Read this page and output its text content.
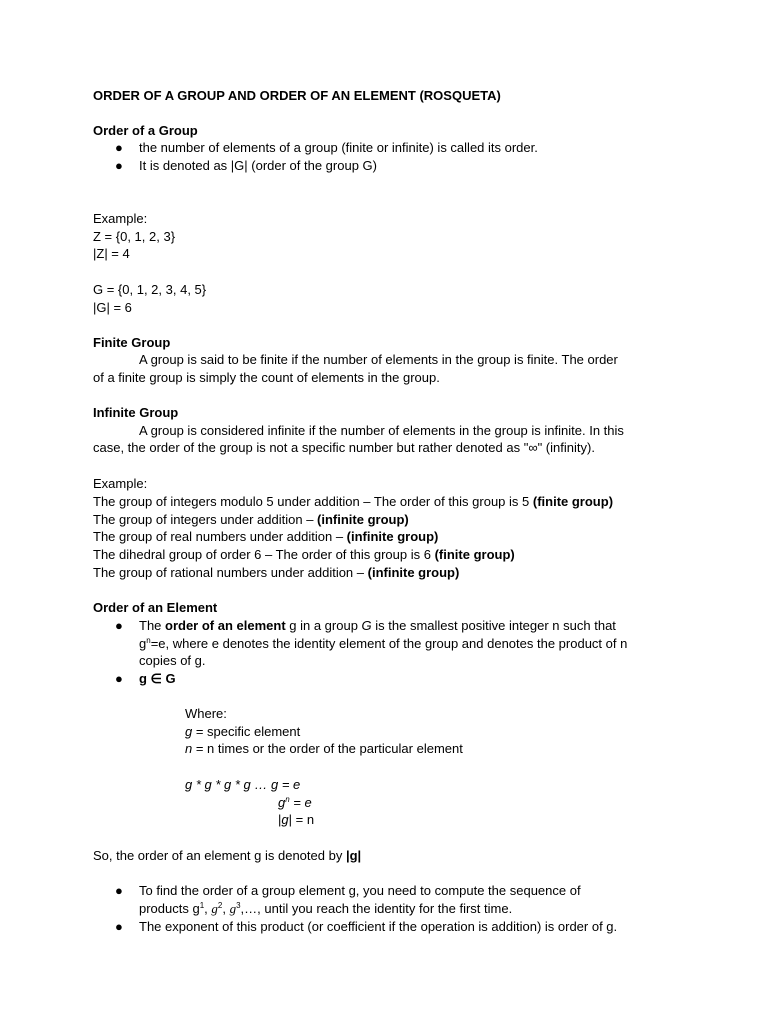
ORDER OF A GROUP AND ORDER OF AN ELEMENT (ROSQUETA)
Order of a Group
● the number of elements of a group (finite or infinite) is called its order.
● It is denoted as |G| (order of the group G)
Example:
Z = {0, 1, 2, 3}
|Z| = 4
G = {0, 1, 2, 3, 4, 5}
|G| = 6
Finite Group
A group is said to be finite if the number of elements in the group is finite. The order
of a finite group is simply the count of elements in the group.
Infinite Group
A group is considered infinite if the number of elements in the group is infinite. In this
case, the order of the group is not a specific number but rather denoted as "∞" (infinity).
Example:
The group of integers modulo 5 under addition – The order of this group is 5 (finite group)
The group of integers under addition – (infinite group)
The group of real numbers under addition – (infinite group)
The dihedral group of order 6 – The order of this group is 6 (finite group)
The group of rational numbers under addition – (infinite group)
Order of an Element
● The order of an element g in a group G is the smallest positive integer n such that
$g^n=e$, where e denotes the identity element of the group and denotes the product of n
copies of g.
● g ∈ G
Where:
g = specific element
n = n times or the order of the particular element
g * g * g * g … g = e
$g^n = e$
|g| = n
So, the order of an element g is denoted by |g|
● To find the order of a group element g, you need to compute the sequence of
products $g^1$, $g^2$, $g^3,\dots$, until you reach the identity for the first time.
● The exponent of this product (or coefficient if the operation is addition) is order of g.
